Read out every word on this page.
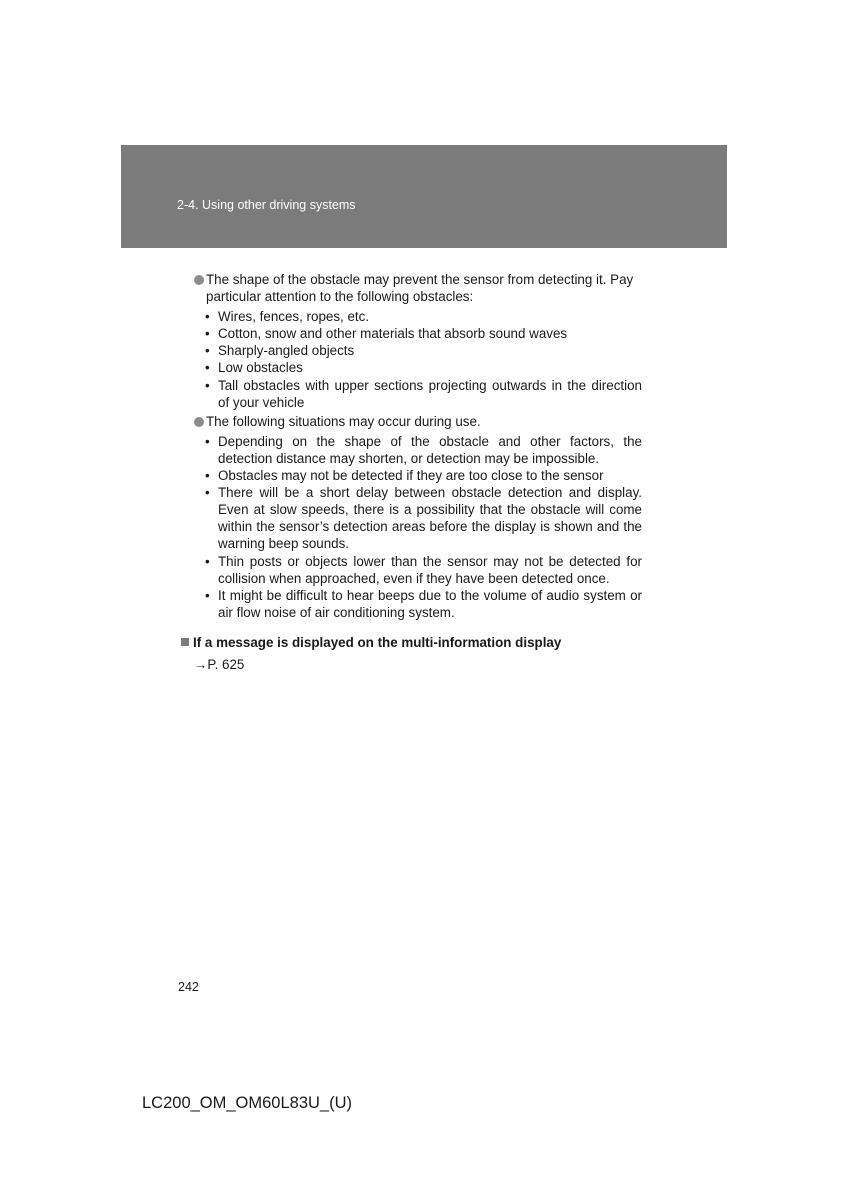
2-4. Using other driving systems

The shape of the obstacle may prevent the sensor from detecting it. Pay particular attention to the following obstacles:

• Wires, fences, ropes, etc.
• Cotton, snow and other materials that absorb sound waves
• Sharply-angled objects
• Low obstacles
• Tall obstacles with upper sections projecting outwards in the direction of your vehicle

The following situations may occur during use.

• Depending on the shape of the obstacle and other factors, the detection distance may shorten, or detection may be impossible.
• Obstacles may not be detected if they are too close to the sensor
• There will be a short delay between obstacle detection and display. Even at slow speeds, there is a possibility that the obstacle will come within the sensor’s detection areas before the display is shown and the warning beep sounds.
• Thin posts or objects lower than the sensor may not be detected for collision when approached, even if they have been detected once.
• It might be difficult to hear beeps due to the volume of audio system or air flow noise of air conditioning system.
If a message is displayed on the multi-information display
→P. 625
242
LC200_OM_OM60L83U_(U)
